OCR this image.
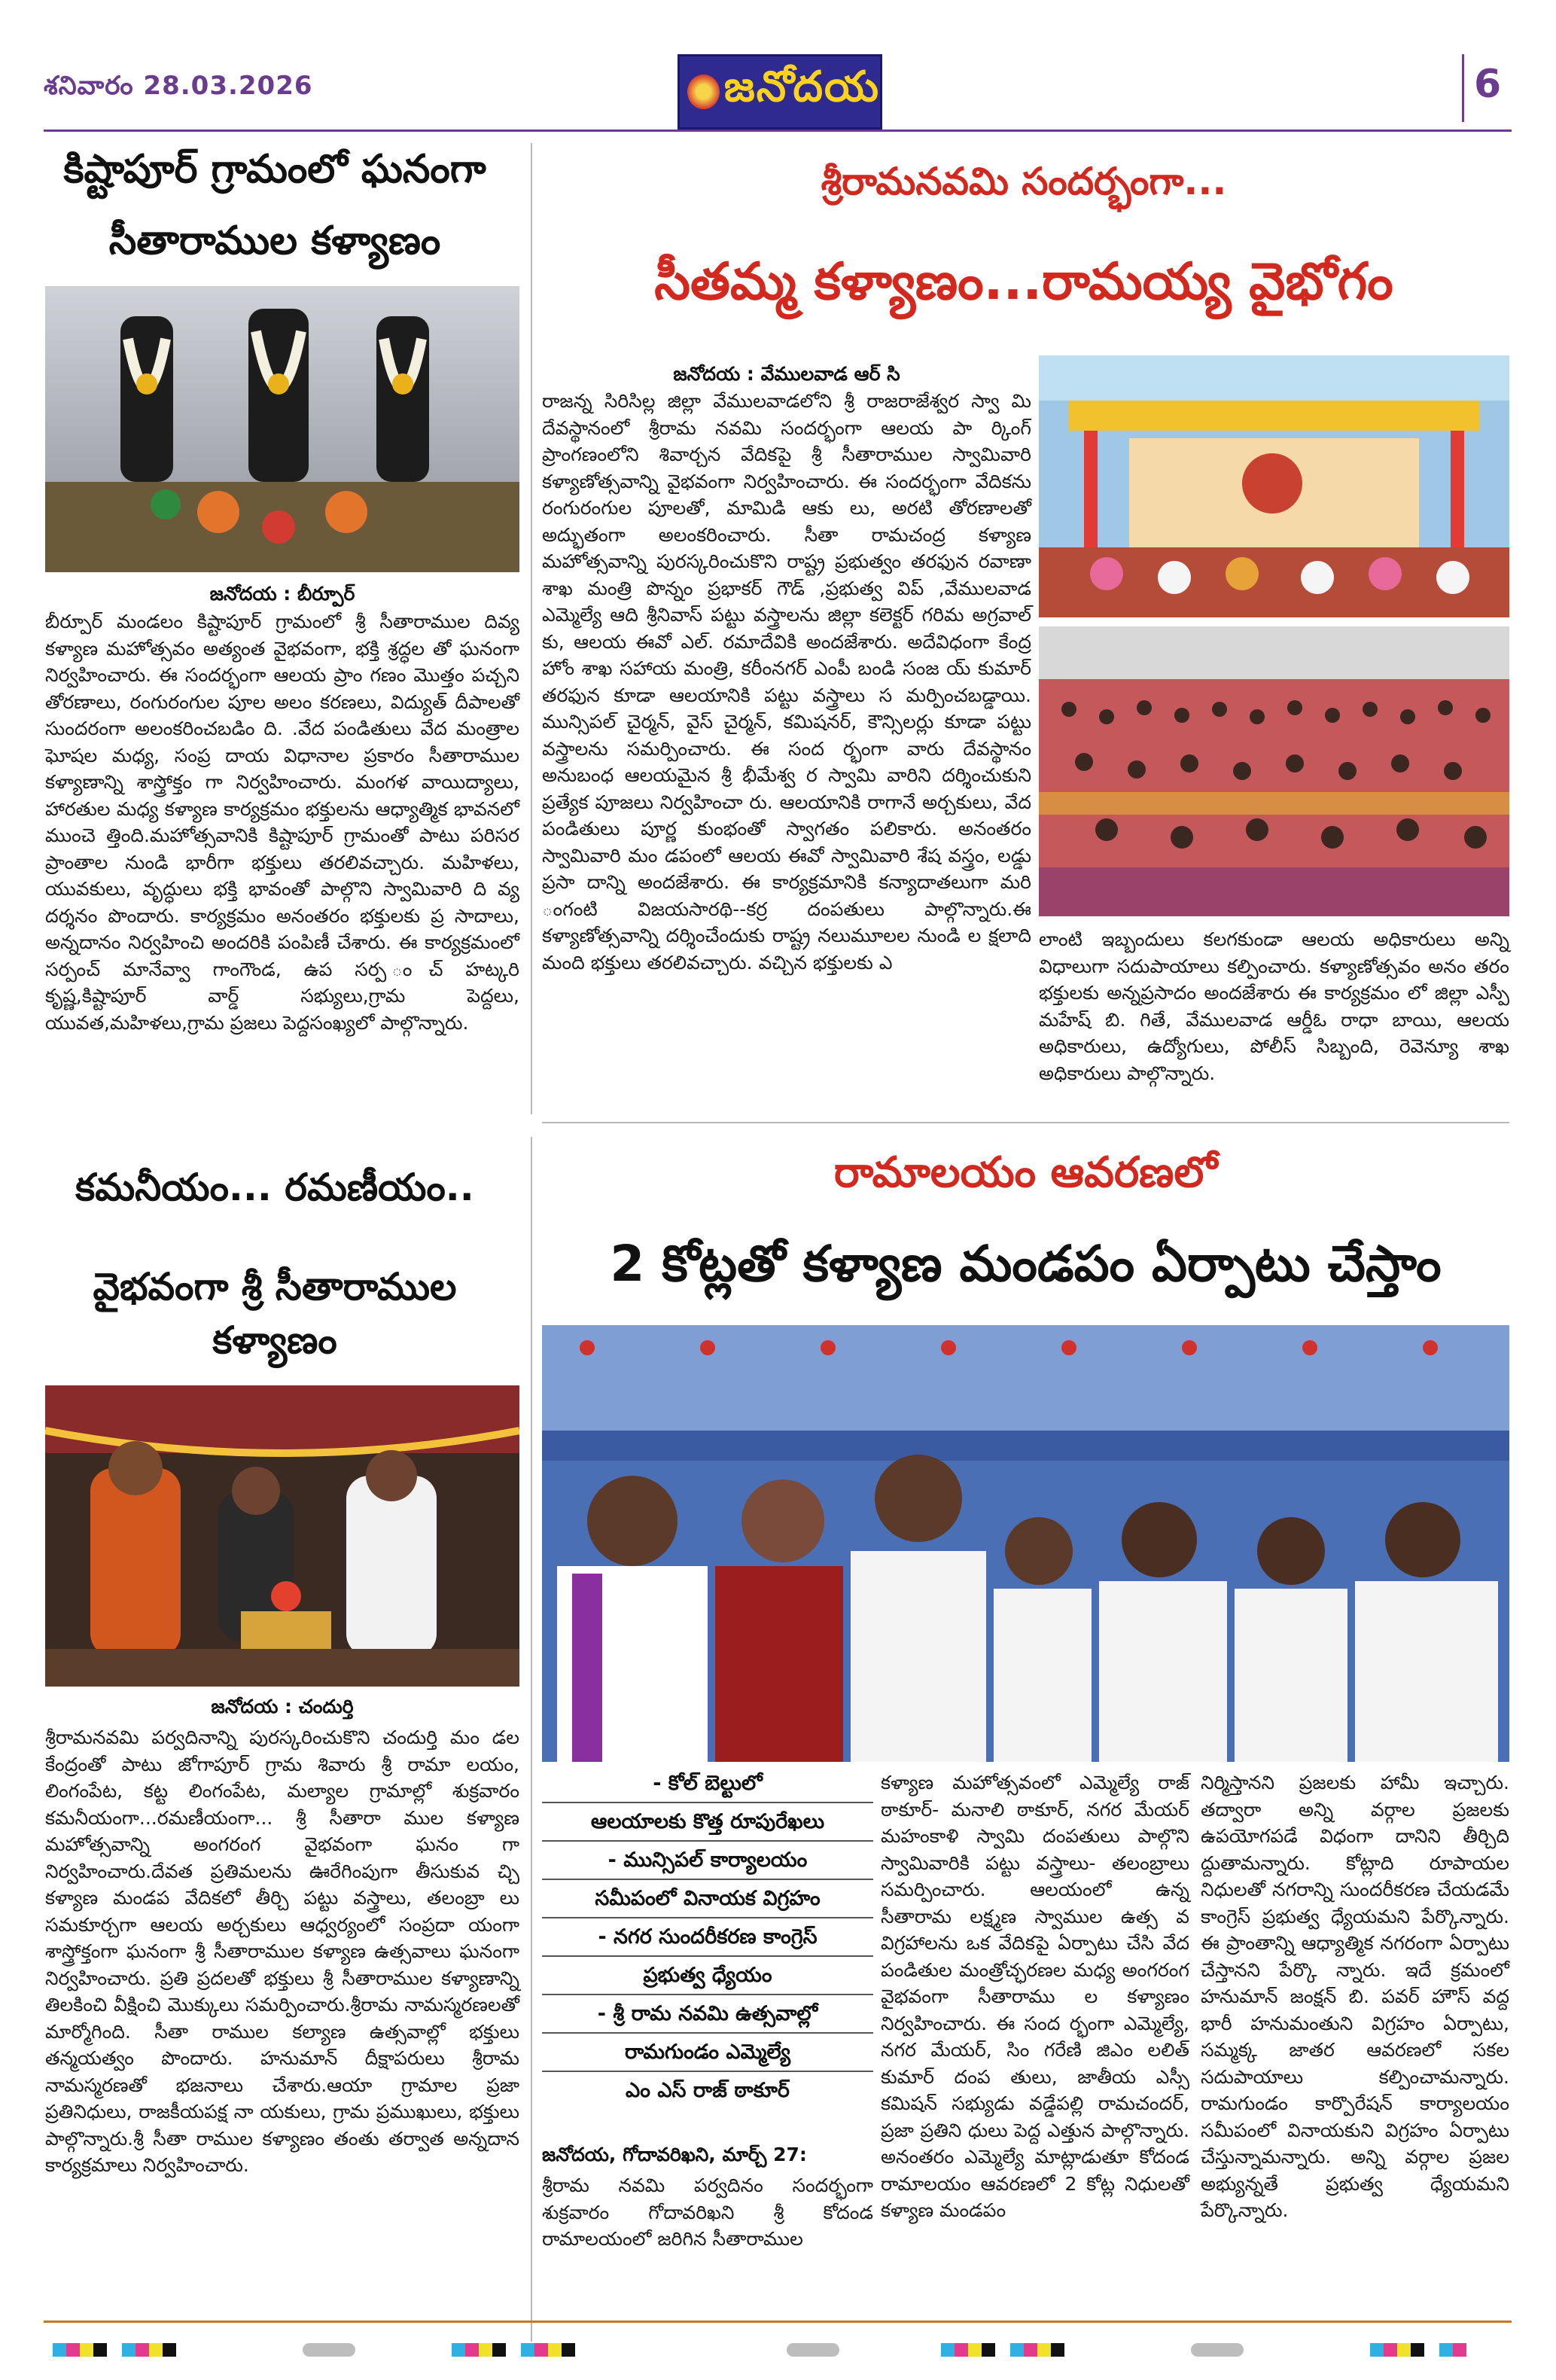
శనివారం 28.03.2026	జనోదయ	6
కిష్టాపూర్ గ్రామంలో ఘనంగా
సీతారాముల కళ్యాణం
జనోదయ : బీర్పూర్
బీర్పూర్ మండలం కిష్టాపూర్ గ్రామంలో శ్రీ సీతారాముల దివ్య కళ్యాణ మహోత్సవం అత్యంత వైభవంగా, భక్తి శ్రద్ధల తో ఘనంగా నిర్వహించారు. ఈ సందర్భంగా ఆలయ ప్రాం గణం మొత్తం పచ్చని తోరణాలు, రంగురంగుల పూల అలం కరణలు, విద్యుత్ దీపాలతో సుందరంగా అలంకరించబడిం ది. .వేద పండితులు వేద మంత్రాల ఘోషల మధ్య, సంప్ర దాయ విధానాల ప్రకారం సీతారాముల కళ్యాణాన్ని శాస్త్రోక్తం గా నిర్వహించారు. మంగళ వాయిద్యాలు, హారతుల మధ్య కళ్యాణ కార్యక్రమం భక్తులను ఆధ్యాత్మిక భావనలో ముంచె త్తింది.మహోత్సవానికి కిష్టాపూర్ గ్రామంతో పాటు పరిసర ప్రాంతాల నుండి భారీగా భక్తులు తరలివచ్చారు. మహిళలు, యువకులు, వృద్ధులు భక్తి భావంతో పాల్గొని స్వామివారి ది వ్య దర్శనం పొందారు. కార్యక్రమం అనంతరం భక్తులకు ప్ర సాదాలు, అన్నదానం నిర్వహించి అందరికి పంపిణీ చేశారు. ఈ కార్యక్రమంలో సర్పంచ్ మానేవ్వా గాంగౌండ, ఉప సర్ప ంచ్ హట్కరి కృష్ణ,కిష్టాపూర్ వార్డ్ సభ్యులు,గ్రామ పెద్దలు, యువత,మహిళలు,గ్రామ ప్రజలు పెద్దసంఖ్యలో పాల్గొన్నారు.
శ్రీరామనవమి సందర్భంగా...
సీతమ్మ కళ్యాణం...రామయ్య వైభోగం
జనోదయ : వేములవాడ ఆర్ సి
రాజన్న సిరిసిల్ల జిల్లా వేములవాడలోని శ్రీ రాజరాజేశ్వర స్వా మి దేవస్థానంలో శ్రీరామ నవమి సందర్భంగా ఆలయ పా ర్కింగ్ ప్రాంగణంలోని శివార్చన వేదికపై శ్రీ సీతారాముల స్వామివారి కళ్యాణోత్సవాన్ని వైభవంగా నిర్వహించారు. ఈ సందర్భంగా వేదికను రంగురంగుల పూలతో, మామిడి ఆకు లు, అరటి తోరణాలతో అద్భుతంగా అలంకరించారు. సీతా రామచంద్ర కళ్యాణ మహోత్సవాన్ని పురస్కరించుకొని రాష్ట్ర ప్రభుత్వం తరఫున రవాణా శాఖ మంత్రి పొన్నం ప్రభాకర్ గౌడ్ ,ప్రభుత్వ విప్ ,వేములవాడ ఎమ్మెల్యే ఆది శ్రీనివాస్ పట్టు వస్త్రాలను జిల్లా కలెక్టర్ గరిమ అగ్రవాల్ కు, ఆలయ ఈవో ఎల్. రమాదేవికి అందజేశారు. అదేవిధంగా కేంద్ర హోం శాఖ సహాయ మంత్రి, కరీంనగర్ ఎంపీ బండి సంజ య్ కుమార్ తరఫున కూడా ఆలయానికి పట్టు వస్త్రాలు స మర్పించబడ్డాయి. మున్సిపల్ చైర్మన్, వైస్ చైర్మన్, కమిషనర్, కౌన్సిలర్లు కూడా పట్టు వస్త్రాలను సమర్పించారు. ఈ సంద ర్భంగా వారు దేవస్థానం అనుబంధ ఆలయమైన శ్రీ భీమేశ్వ ర స్వామి వారిని దర్శించుకుని ప్రత్యేక పూజలు నిర్వహించా రు. ఆలయానికి రాగానే అర్చకులు, వేద పండితులు పూర్ణ కుంభంతో స్వాగతం పలికారు. అనంతరం స్వామివారి మం డపంలో ఆలయ ఈవో స్వామివారి శేష వస్త్రం, లడ్డు ప్రసా దాన్ని అందజేశారు. ఈ కార్యక్రమానికి కన్యాదాతలుగా మరి ంగంటి విజయసారథి--కర్ర దంపతులు పాల్గొన్నారు.ఈ కళ్యాణోత్సవాన్ని దర్శించేందుకు రాష్ట్ర నలుమూలల నుండి ల క్షలాది మంది భక్తులు తరలివచ్చారు. వచ్చిన భక్తులకు ఎ
లాంటి ఇబ్బందులు కలగకుండా ఆలయ అధికారులు అన్ని విధాలుగా సదుపాయాలు కల్పించారు. కళ్యాణోత్సవం అనం తరం భక్తులకు అన్నప్రసాదం అందజేశారు ఈ కార్యక్రమం లో జిల్లా ఎస్పీ మహేష్ బి. గితే, వేములవాడ ఆర్డీఓ రాధా బాయి, ఆలయ అధికారులు, ఉద్యోగులు, పోలీస్ సిబ్బంది, రెవెన్యూ శాఖ అధికారులు పాల్గొన్నారు.
కమనీయం... రమణీయం..
వైభవంగా శ్రీ సీతారాముల కళ్యాణం
జనోదయ : చందుర్తి
శ్రీరామనవమి పర్వదినాన్ని పురస్కరించుకొని చందుర్తి మం డల కేంద్రంతో పాటు జోగాపూర్ గ్రామ శివారు శ్రీ రామా లయం, లింగంపేట, కట్ట లింగంపేట, మల్యాల గ్రామాల్లో శుక్రవారం కమనీయంగా...రమణీయంగా... శ్రీ సీతారా ముల కళ్యాణ మహోత్సవాన్ని అంగరంగ వైభవంగా ఘనం గా నిర్వహించారు.దేవత ప్రతిమలను ఊరేగింపుగా తీసుకువ చ్చి కళ్యాణ మండప వేదికలో తీర్చి పట్టు వస్త్రాలు, తలంబ్రా లు సమకూర్చగా ఆలయ అర్చకులు ఆధ్వర్యంలో సంప్రదా యంగా శాస్త్రోక్తంగా ఘనంగా శ్రీ సీతారాముల కళ్యాణ ఉత్సవాలు ఘనంగా నిర్వహించారు. ప్రతి ప్రదలతో భక్తులు శ్రీ సీతారాముల కళ్యాణాన్ని తిలకించి వీక్షించి మొక్కులు సమర్పించారు.శ్రీరామ నామస్మరణలతో మార్మోగింది. సీతా రాముల కల్యాణ ఉత్సవాల్లో భక్తులు తన్మయత్వం పొందారు. హనుమాన్ దీక్షాపరులు శ్రీరామ నామస్మరణతో భజనాలు చేశారు.ఆయా గ్రామాల ప్రజా ప్రతినిధులు, రాజకీయపక్ష నా యకులు, గ్రామ ప్రముఖులు, భక్తులు పాల్గొన్నారు.శ్రీ సీతా రాముల కళ్యాణం తంతు తర్వాత అన్నదాన కార్యక్రమాలు నిర్వహించారు.
రామాలయం ఆవరణలో
2 కోట్లతో కళ్యాణ మండపం ఏర్పాటు చేస్తాం
- కోల్ బెల్టులో
ఆలయాలకు కొత్త రూపురేఖలు
- మున్సిపల్ కార్యాలయం
సమీపంలో వినాయక విగ్రహం
- నగర సుందరీకరణ కాంగ్రెస్
ప్రభుత్వ ధ్యేయం
- శ్రీ రామ నవమి ఉత్సవాల్లో
రామగుండం ఎమ్మెల్యే
ఎం ఎస్ రాజ్ ఠాకూర్
జనోదయ, గోదావరిఖని, మార్చ్ 27:
శ్రీరామ నవమి పర్వదినం సందర్భంగా శుక్రవారం గోదావరిఖని శ్రీ కోదండ రామాలయంలో జరిగిన సీతారాముల
కళ్యాణ మహోత్సవంలో ఎమ్మెల్యే రాజ్ ఠాకూర్- మనాలి ఠాకూర్, నగర మేయర్ మహంకాళి స్వామి దంపతులు పాల్గొని స్వామివారికి పట్టు వస్త్రాలు- తలంబ్రాలు సమర్పించారు. ఆలయంలో ఉన్న సీతారామ లక్ష్మణ స్వాముల ఉత్స వ విగ్రహాలను ఒక వేదికపై ఏర్పాటు చేసి వేద పండితుల మంత్రోచ్ఛరణల మధ్య అంగరంగ వైభవంగా సీతారాము ల కళ్యాణం నిర్వహించారు. ఈ సంద ర్భంగా ఎమ్మెల్యే, నగర మేయర్, సిం గరేణి జిఎం లలిత్ కుమార్ దంప తులు, జాతీయ ఎస్సీ కమిషన్ సభ్యుడు వడ్డేపల్లి రామచందర్, ప్రజా ప్రతిని ధులు పెద్ద ఎత్తున పాల్గొన్నారు. అనంతరం ఎమ్మెల్యే మాట్లాడుతూ కోదండ రామాలయం ఆవరణలో 2 కోట్ల నిధులతో కళ్యాణ మండపం
నిర్మిస్తానని ప్రజలకు హామీ ఇచ్చారు. తద్వారా అన్ని వర్గాల ప్రజలకు ఉపయోగపడే విధంగా దానిని తీర్చిది ద్దుతామన్నారు. కోట్లాది రూపాయల నిధులతో నగరాన్ని సుందరీకరణ చేయడమే కాంగ్రెస్ ప్రభుత్వ ధ్యేయమని పేర్కొన్నారు. ఈ ప్రాంతాన్ని ఆధ్యాత్మిక నగరంగా ఏర్పాటు చేస్తానని పేర్కొ న్నారు. ఇదే క్రమంలో హనుమాన్ జంక్షన్ బి. పవర్ హౌస్ వద్ద భారీ హనుమంతుని విగ్రహం ఏర్పాటు, సమ్మక్క జాతర ఆవరణలో సకల సదుపాయాలు కల్పించామన్నారు. రామగుండం కార్పొరేషన్ కార్యాలయం సమీపంలో వినాయకుని విగ్రహం ఏర్పాటు చేస్తున్నామన్నారు. అన్ని వర్గాల ప్రజల అభ్యున్నతే ప్రభుత్వ ధ్యేయమని పేర్కొన్నారు.
